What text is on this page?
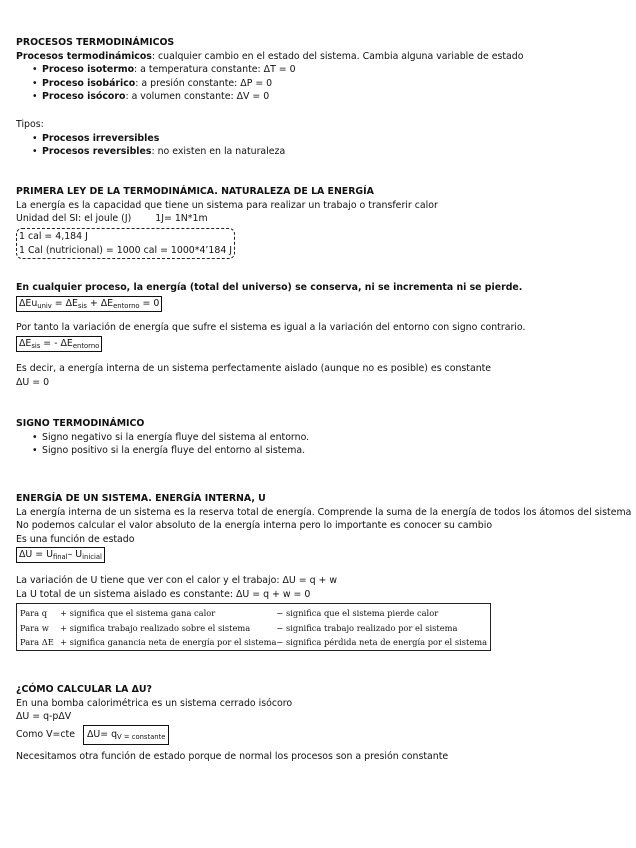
PROCESOS TERMODINÁMICOS
Procesos termodinámicos: cualquier cambio en el estado del sistema. Cambia alguna variable de estado
• Proceso isotermo: a temperatura constante: ΔT = 0
• Proceso isobárico: a presión constante: ΔP = 0
• Proceso isócoro: a volumen constante: ΔV = 0
Tipos:
• Procesos irreversibles
• Procesos reversibles: no existen en la naturaleza
PRIMERA LEY DE LA TERMODINÁMICA. NATURALEZA DE LA ENERGÍA
La energía es la capacidad que tiene un sistema para realizar un trabajo o transferir calor
Unidad del SI: el joule (J)	1J= 1N*1m
1 cal = 4,184 J
1 Cal (nutricional) = 1000 cal = 1000*4’184 J
En cualquier proceso, la energía (total del universo) se conserva, ni se incrementa ni se pierde.
$\Delta Eu_{univ} = \Delta E_{sis} + \Delta E_{entorno} = 0$
Por tanto la variación de energía que sufre el sistema es igual a la variación del entorno con signo contrario.
$\Delta E_{sis}$ = - $\Delta E_{entorno}$
Es decir, a energía interna de un sistema perfectamente aislado (aunque no es posible) es constante
ΔU = 0
SIGNO TERMODINÁMICO
• Signo negativo si la energía fluye del sistema al entorno.
• Signo positivo si la energía fluye del entorno al sistema.
ENERGÍA DE UN SISTEMA. ENERGÍA INTERNA, U
La energía interna de un sistema es la reserva total de energía. Comprende la suma de la energía de todos los átomos del sistema
No podemos calcular el valor absoluto de la energía interna pero lo importante es conocer su cambio
Es una función de estado
$\Delta U = U_{final}-$ $U_{inicial}$
La variación de U tiene que ver con el calor y el trabajo: ΔU = q + w
La U total de un sistema aislado es constante: ΔU = q + w = 0
Para q	+ significa que el sistema gana calor	− significa que el sistema pierde calor
Para w	+ significa trabajo realizado sobre el sistema	− significa trabajo realizado por el sistema
Para ΔE	+ significa ganancia neta de energía por el sistema	− significa pérdida neta de energía por el sistema
¿CÓMO CALCULAR LA ΔU?
En una bomba calorimétrica es un sistema cerrado isócoro
ΔU = q-pΔV
Como V=cte $\Delta U= q_{V = constante}$
Necesitamos otra función de estado porque de normal los procesos son a presión constante
